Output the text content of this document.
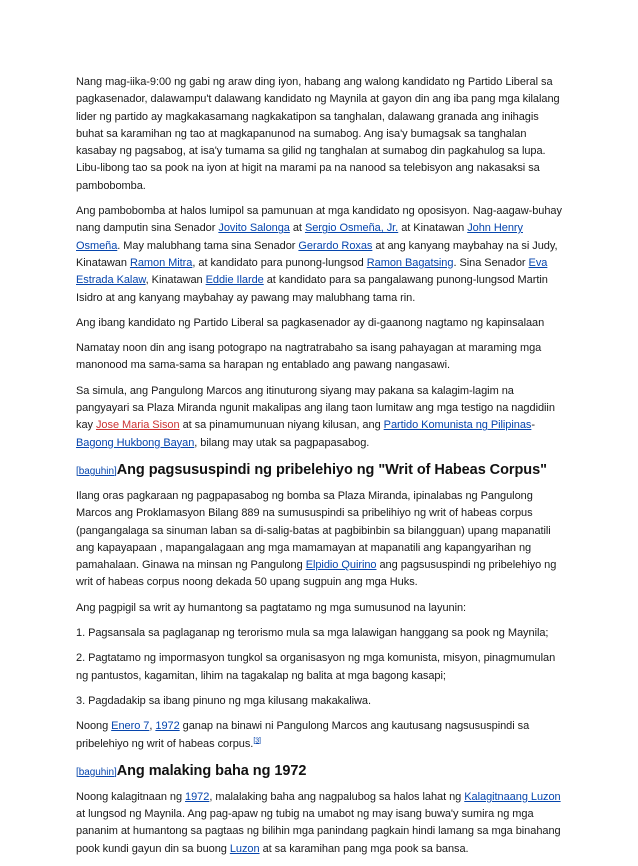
Nang mag-iika-9:00 ng gabi ng araw ding iyon, habang ang walong kandidato ng Partido Liberal sa pagkasenador, dalawampu't dalawang kandidato ng Maynila at gayon din ang iba pang mga kilalang lider ng partido ay magkakasamang nagkakatipon sa tanghalan, dalawang granada ang inihagis buhat sa karamihan ng tao at magkapanunod na sumabog. Ang isa'y bumagsak sa tanghalan kasabay ng pagsabog, at isa'y tumama sa gilid ng tanghalan at sumabog din pagkahulog sa lupa. Libu-libong tao sa pook na iyon at higit na marami pa na nanood sa telebisyon ang nakasaksi sa pambobomba.

Ang pambobomba at halos lumipol sa pamunuan at mga kandidato ng oposisyon. Nag-aagaw-buhay nang damputin sina Senador Jovito Salonga at Sergio Osmeña, Jr. at Kinatawan John Henry Osmeña. May malubhang tama sina Senador Gerardo Roxas at ang kanyang maybahay na si Judy, Kinatawan Ramon Mitra, at kandidato para punong-lungsod Ramon Bagatsing. Sina Senador Eva Estrada Kalaw, Kinatawan Eddie Ilarde at kandidato para sa pangalawang punong-lungsod Martin Isidro at ang kanyang maybahay ay pawang may malubhang tama rin.

Ang ibang kandidato ng Partido Liberal sa pagkasenador ay di-gaanong nagtamo ng kapinsalaan

Namatay noon din ang isang potograpo na nagtratrabaho sa isang pahayagan at maraming mga manonood ma sama-sama sa harapan ng entablado ang pawang nangasawi.

Sa simula, ang Pangulong Marcos ang itinuturong siyang may pakana sa kalagim-lagim na pangyayari sa Plaza Miranda ngunit makalipas ang ilang taon lumitaw ang mga testigo na nagdidiin kay Jose Maria Sison at sa pinamumunuan niyang kilusan, ang Partido Komunista ng Pilipinas- Bagong Hukbong Bayan, bilang may utak sa pagpapasabog.

[baguhin]Ang pagsususpindi ng pribelehiyo ng "Writ of Habeas Corpus"

Ilang oras pagkaraan ng pagpapasabog ng bomba sa Plaza Miranda, ipinalabas ng Pangulong Marcos ang Proklamasyon Bilang 889 na sumususpindi sa pribelihiyo ng writ of habeas corpus (pangangalaga sa sinuman laban sa di-salig-batas at pagbibinbin sa bilangguan) upang mapanatili ang kapayapaan , mapangalagaan ang mga mamamayan at mapanatili ang kapangyarihan ng pamahalaan. Ginawa na minsan ng Pangulong Elpidio Quirino ang pagsususpindi ng pribelehiyo ng writ of habeas corpus noong dekada 50 upang sugpuin ang mga Huks.

Ang pagpigil sa writ ay humantong sa pagtatamo ng mga sumusunod na layunin:

1. Pagsansala sa paglaganap ng terorismo mula sa mga lalawigan hanggang sa pook ng Maynila;

2. Pagtatamo ng impormasyon tungkol sa organisasyon ng mga komunista, misyon, pinagmumulan ng pantustos, kagamitan, lihim na tagakalap ng balita at mga bagong kasapi;

3. Pagdadakip sa ibang pinuno ng mga kilusang makakaliwa.

Noong Enero 7, 1972 ganap na binawi ni Pangulong Marcos ang kautusang nagsususpindi sa pribelehiyo ng writ of habeas corpus.[3]

[baguhin]Ang malaking baha ng 1972

Noong kalagitnaan ng 1972, malalaking baha ang nagpalubog sa halos lahat ng Kalagitnaang Luzon at lungsod ng Maynila. Ang pag-apaw ng tubig na umabot ng may isang buwa'y sumira ng mga pananim at humantong sa pagtaas ng bilihin mga panindang pagkain hindi lamang sa mga binahang pook kundi gayun din sa buong Luzon at sa karamihan pang mga pook sa bansa.
